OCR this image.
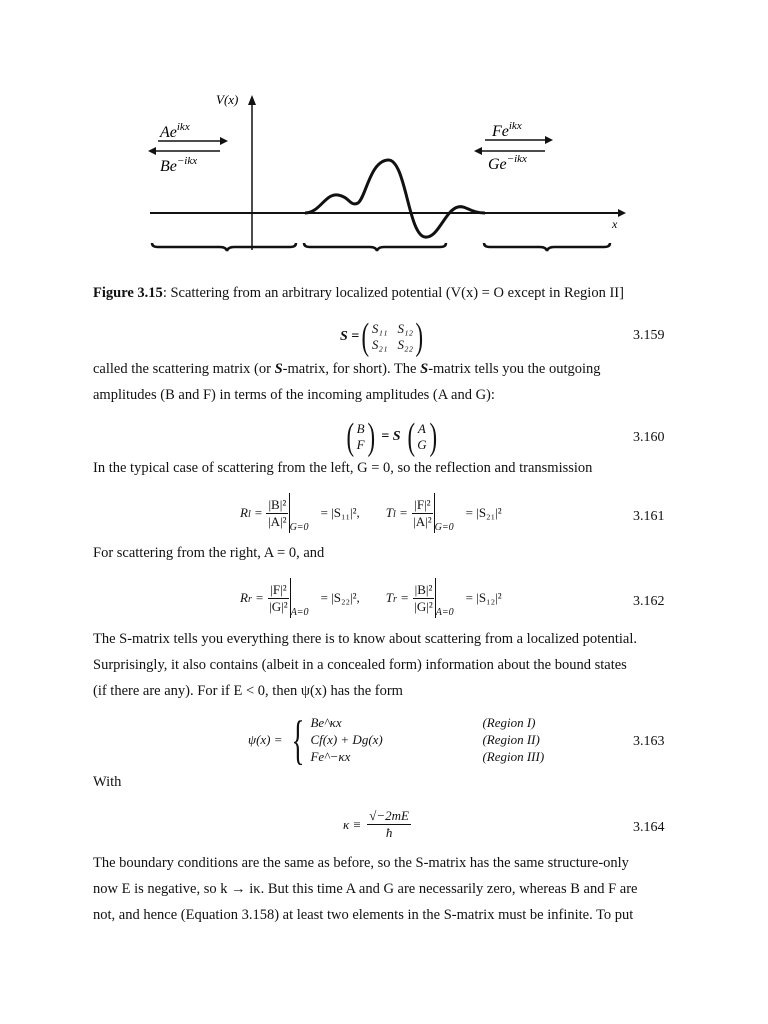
V(x)
x
$Ae^{ikx}$
$Be^{-ikx}$
$Fe^{ikx}$
$Ge^{-ikx}$
Figure 3.15: Scattering from an arbitrary localized potential (V(x) = O except in Region II]
S = ( S₁₁ S₁₂
S₂₁ S₂₂ )	3.159
called the scattering matrix (or S-matrix, for short). The S-matrix tells you the outgoing
amplitudes (B and F) in terms of the incoming amplitudes (A and G):
( B
F ) = S ( A
G )	3.160
In the typical case of scattering from the left, G = 0, so the reflection and transmission
$Rl = \frac{\text{|B|²}}{\text{|A|²}} G=0$
= |S₁₁|², $Tl = \frac{\text{|F|²}}{\text{|A|²}} G=0$
= |S₂₁|²	3.161
For scattering from the right, A = 0, and
$Rr = \frac{\text{|F|²}}{\text{|G|²}} A=0$
= |S₂₂|², $Tr = \frac{\text{|B|²}}{\text{|G|²}} A=0$
= |S₁₂|²	3.162
The S-matrix tells you everything there is to know about scattering from a localized potential.
Surprisingly, it also contains (albeit in a concealed form) information about the bound states
(if there are any). For if E < 0, then ψ(x) has the form
ψ(x) = { Be^κx	(Region I)
Cf(x) + Dg(x)	(Region II)
Fe^−κx	(Region III)
3.163
With
$\kappa \equiv \frac{√-2mE}{ħ}$	3.164
The boundary conditions are the same as before, so the S-matrix has the same structure-only
now E is negative, so k → iκ. But this time A and G are necessarily zero, whereas B and F are
not, and hence (Equation 3.158) at least two elements in the S-matrix must be infinite. To put
